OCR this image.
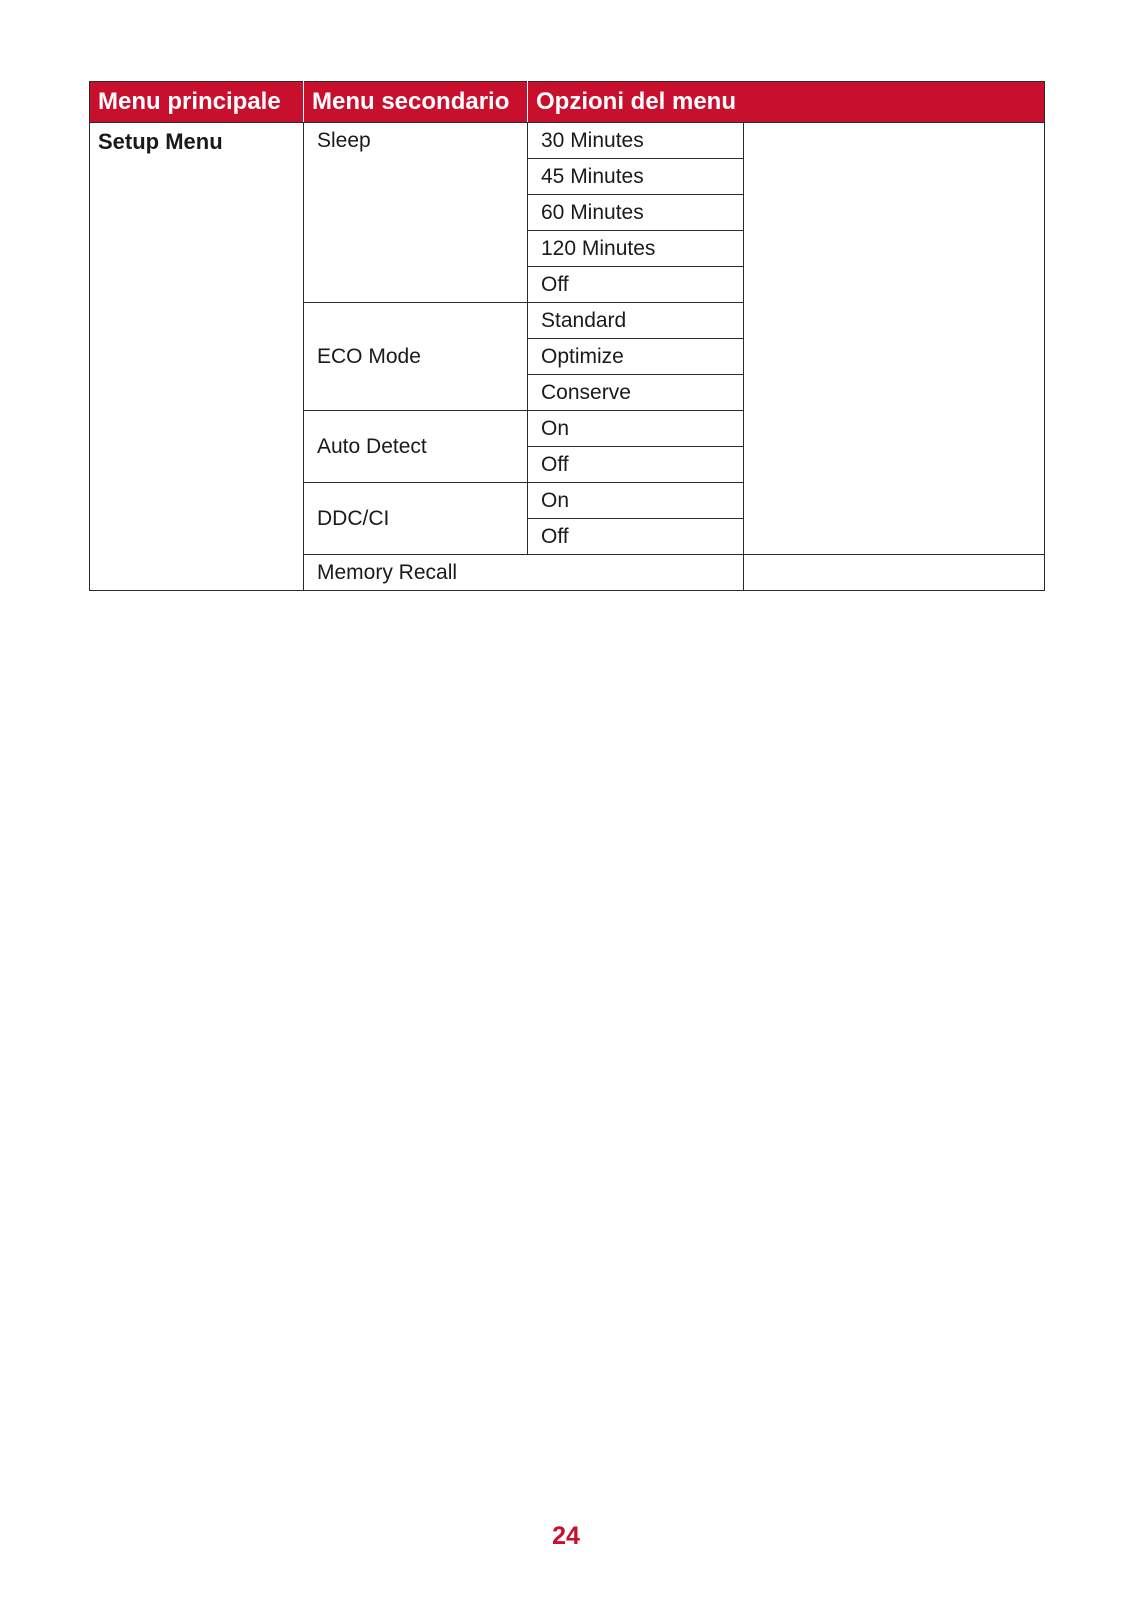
Menu principale	Menu secondario	Opzioni del menu	
Setup Menu	Sleep	30 Minutes	
		45 Minutes	
		60 Minutes	
		120 Minutes	
		Off	
	ECO Mode	Standard	
		Optimize	
		Conserve	
	Auto Detect	On	
		Off	
	DDC/CI	On	
		Off	
	Memory Recall		
24
